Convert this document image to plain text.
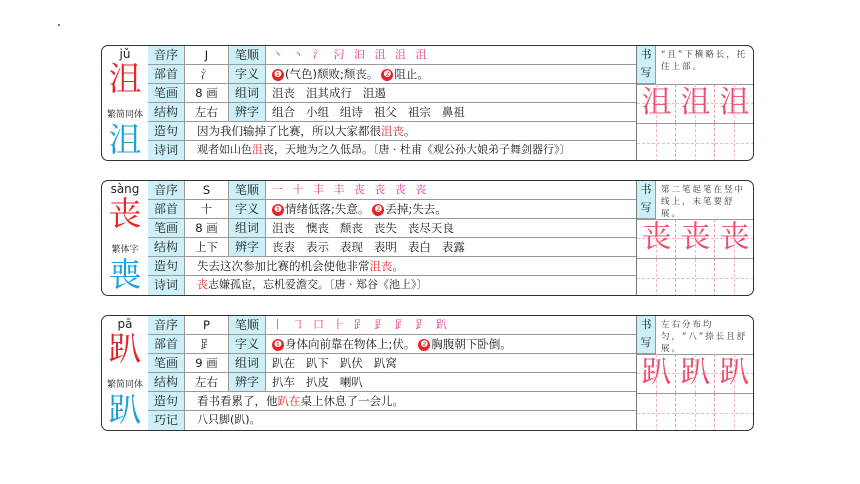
jǔ
沮
繁简同体
沮
音序	J	笔顺	丶 丶 氵 汈 汩 沮 沮 沮
部首	氵	字义	❶ (气色)颓败;颓丧。 ❷ 阻止。
笔画	8 画	组词	沮丧   沮其成行   沮遏
结构	左右	辨字	组合   小组   组诗   祖父   祖宗   鼻祖
造句	因为我们输掉了比赛，所以大家都很沮丧。
诗词	观者如山色沮丧，天地为之久低昂。〔唐 · 杜甫《观公孙大娘弟子舞剑器行》〕
书
写
“且”下横略长，托住上部。
沮 沮 沮
sàng
丧
繁体字
喪
音序	S	笔顺	一 十 丰 丰 丧 丧 丧 丧
部首	十	字义	❶ 情绪低落;失意。 ❷ 丢掉;失去。
笔画	8 画	组词	沮丧   懊丧   颓丧   丧失   丧尽天良
结构	上下	辨字	丧表   表示   表现   表明   表白   表露
造句	失去这次参加比赛的机会使他非常沮丧。
诗词	丧志嫌孤宦，忘机爱澹交。〔唐 · 郑谷《池上》〕
书
写
第二笔起笔在竖中线上，末笔要舒展。
丧 丧 丧
pā
趴
繁简同体
趴
音序	P	笔顺	丨 ㇆ 口 ⺊ 𧾷 𧾷 𧾷 𧾷 趴
部首	𧾷	字义	❶ 身体向前靠在物体上;伏。 ❷ 胸腹朝下卧倒。
笔画	9 画	组词	趴在   趴下   趴伏   趴窝
结构	左右	辨字	扒车   扒皮   喇叭
造句	看书看累了，他趴在桌上休息了一会儿。
巧记	八只脚(趴)。
书
写
左右分布均匀，“八”捺长且舒展。
趴 趴 趴
